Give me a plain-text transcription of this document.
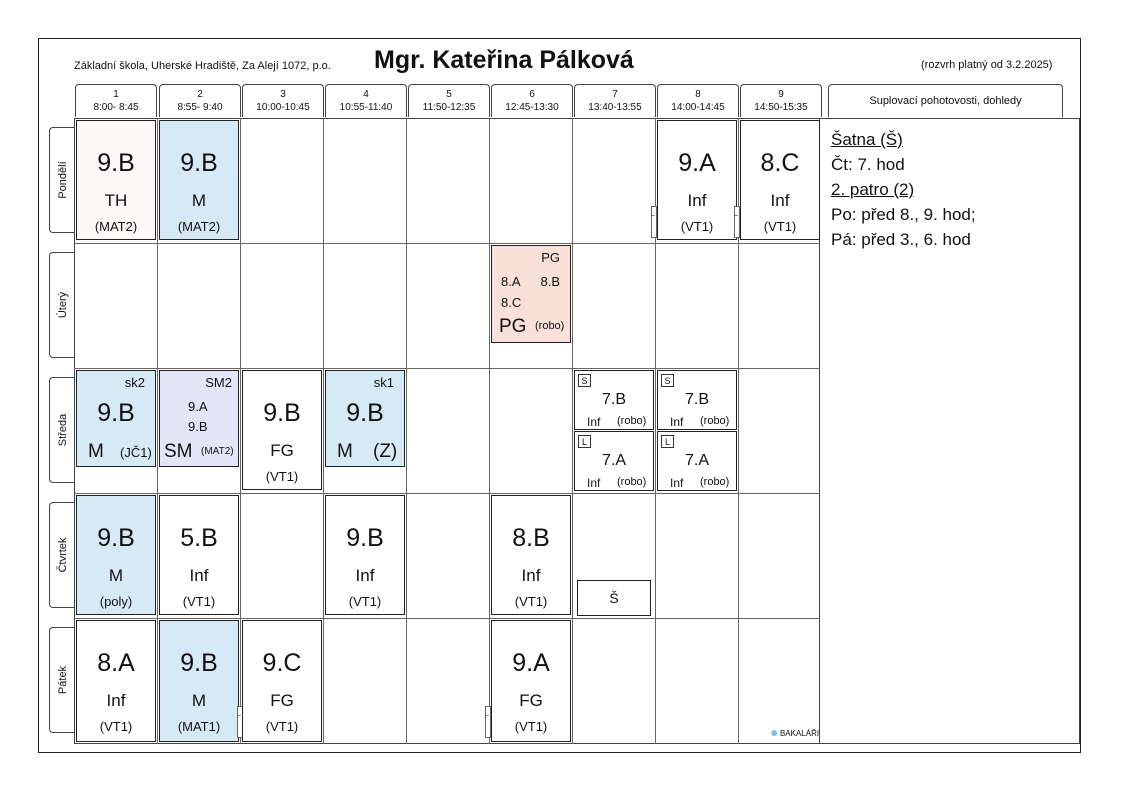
Základní škola, Uherské Hradiště, Za Alejí 1072, p.o. Mgr. Kateřina Pálková	(rozvrh platný od 3.2.2025)
1
8:00- 8:45
2
8:55- 9:40
3
10:00-10:45
4
10:55-11:40
5
11:50-12:35
6
12:45-13:30
7
13:40-13:55
8
14:00-14:45
9
14:50-15:35
Suplovací pohotovosti, dohledy
Pondělí
Úterý
Středa
Čtvrtek
Pátek
Šatna (Š)
Čt: 7. hod
2. patro (2)
Po: před 8., 9. hod;
Pá: před 3., 6. hod
9.B
TH
(MAT2)
9.B
M
(MAT2)
9.A
Inf
(VT1)
~
8.C
Inf
(VT1)
~
PG
8.A 8.B
8.C
PG (robo)
sk2
9.B
M (JČ1)
SM2
9.A
9.B
SM (MAT2)
9.B
FG
(VT1)
sk1
9.B
M (Z)
S
7.B
Inf (robo)
L
7.A
Inf (robo)
S
7.B
Inf (robo)
L
7.A
Inf (robo)
9.B
M
(poly)
5.B
Inf
(VT1)
9.B
Inf
(VT1)
8.B
Inf
(VT1)	Š
8.A
Inf
(VT1)
9.B
M
(MAT1)
~
9.C
FG
(VT1)
9.A
FG
(VT1)
~	❁ BAKALÁŘI
